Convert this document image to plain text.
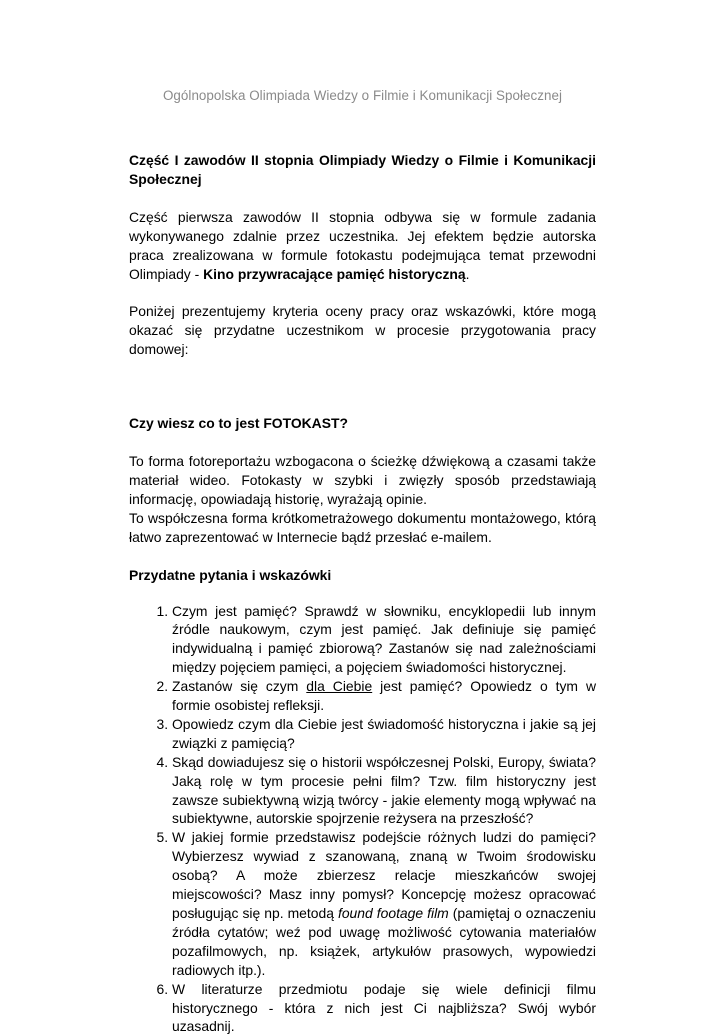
Ogólnopolska Olimpiada Wiedzy o Filmie i Komunikacji Społecznej

Część I zawodów II stopnia Olimpiady Wiedzy o Filmie i Komunikacji Społecznej

Część pierwsza zawodów II stopnia odbywa się w formule zadania wykonywanego zdalnie przez uczestnika. Jej efektem będzie autorska praca zrealizowana w formule fotokastu podejmująca temat przewodni Olimpiady - Kino przywracające pamięć historyczną.

Poniżej prezentujemy kryteria oceny pracy oraz wskazówki, które mogą okazać się przydatne uczestnikom w procesie przygotowania pracy domowej:

Czy wiesz co to jest FOTOKAST?

To forma fotoreportażu wzbogacona o ścieżkę dźwiękową a czasami także materiał wideo. Fotokasty w szybki i zwięzły sposób przedstawiają informację, opowiadają historię, wyrażają opinie.

To współczesna forma krótkometrażowego dokumentu montażowego, którą łatwo zaprezentować w Internecie bądź przesłać e-mailem.

Przydatne pytania i wskazówki

1. Czym jest pamięć? Sprawdź w słowniku, encyklopedii lub innym źródle naukowym, czym jest pamięć. Jak definiuje się pamięć indywidualną i pamięć zbiorową? Zastanów się nad zależnościami między pojęciem pamięci, a pojęciem świadomości historycznej.
2. Zastanów się czym dla Ciebie jest pamięć? Opowiedz o tym w formie osobistej refleksji.
3. Opowiedz czym dla Ciebie jest świadomość historyczna i jakie są jej związki z pamięcią?
4. Skąd dowiadujesz się o historii współczesnej Polski, Europy, świata? Jaką rolę w tym procesie pełni film? Tzw. film historyczny jest zawsze subiektywną wizją twórcy - jakie elementy mogą wpływać na subiektywne, autorskie spojrzenie reżysera na przeszłość?
5. W jakiej formie przedstawisz podejście różnych ludzi do pamięci? Wybierzesz wywiad z szanowaną, znaną w Twoim środowisku osobą? A może zbierzesz relacje mieszkańców swojej miejscowości? Masz inny pomysł? Koncepcję możesz opracować posługując się np. metodą found footage film (pamiętaj o oznaczeniu źródła cytatów; weź pod uwagę możliwość cytowania materiałów pozafilmowych, np. książek, artykułów prasowych, wypowiedzi radiowych itp.).
6. W literaturze przedmiotu podaje się wiele definicji filmu historycznego - która z nich jest Ci najbliższa? Swój wybór uzasadnij.
